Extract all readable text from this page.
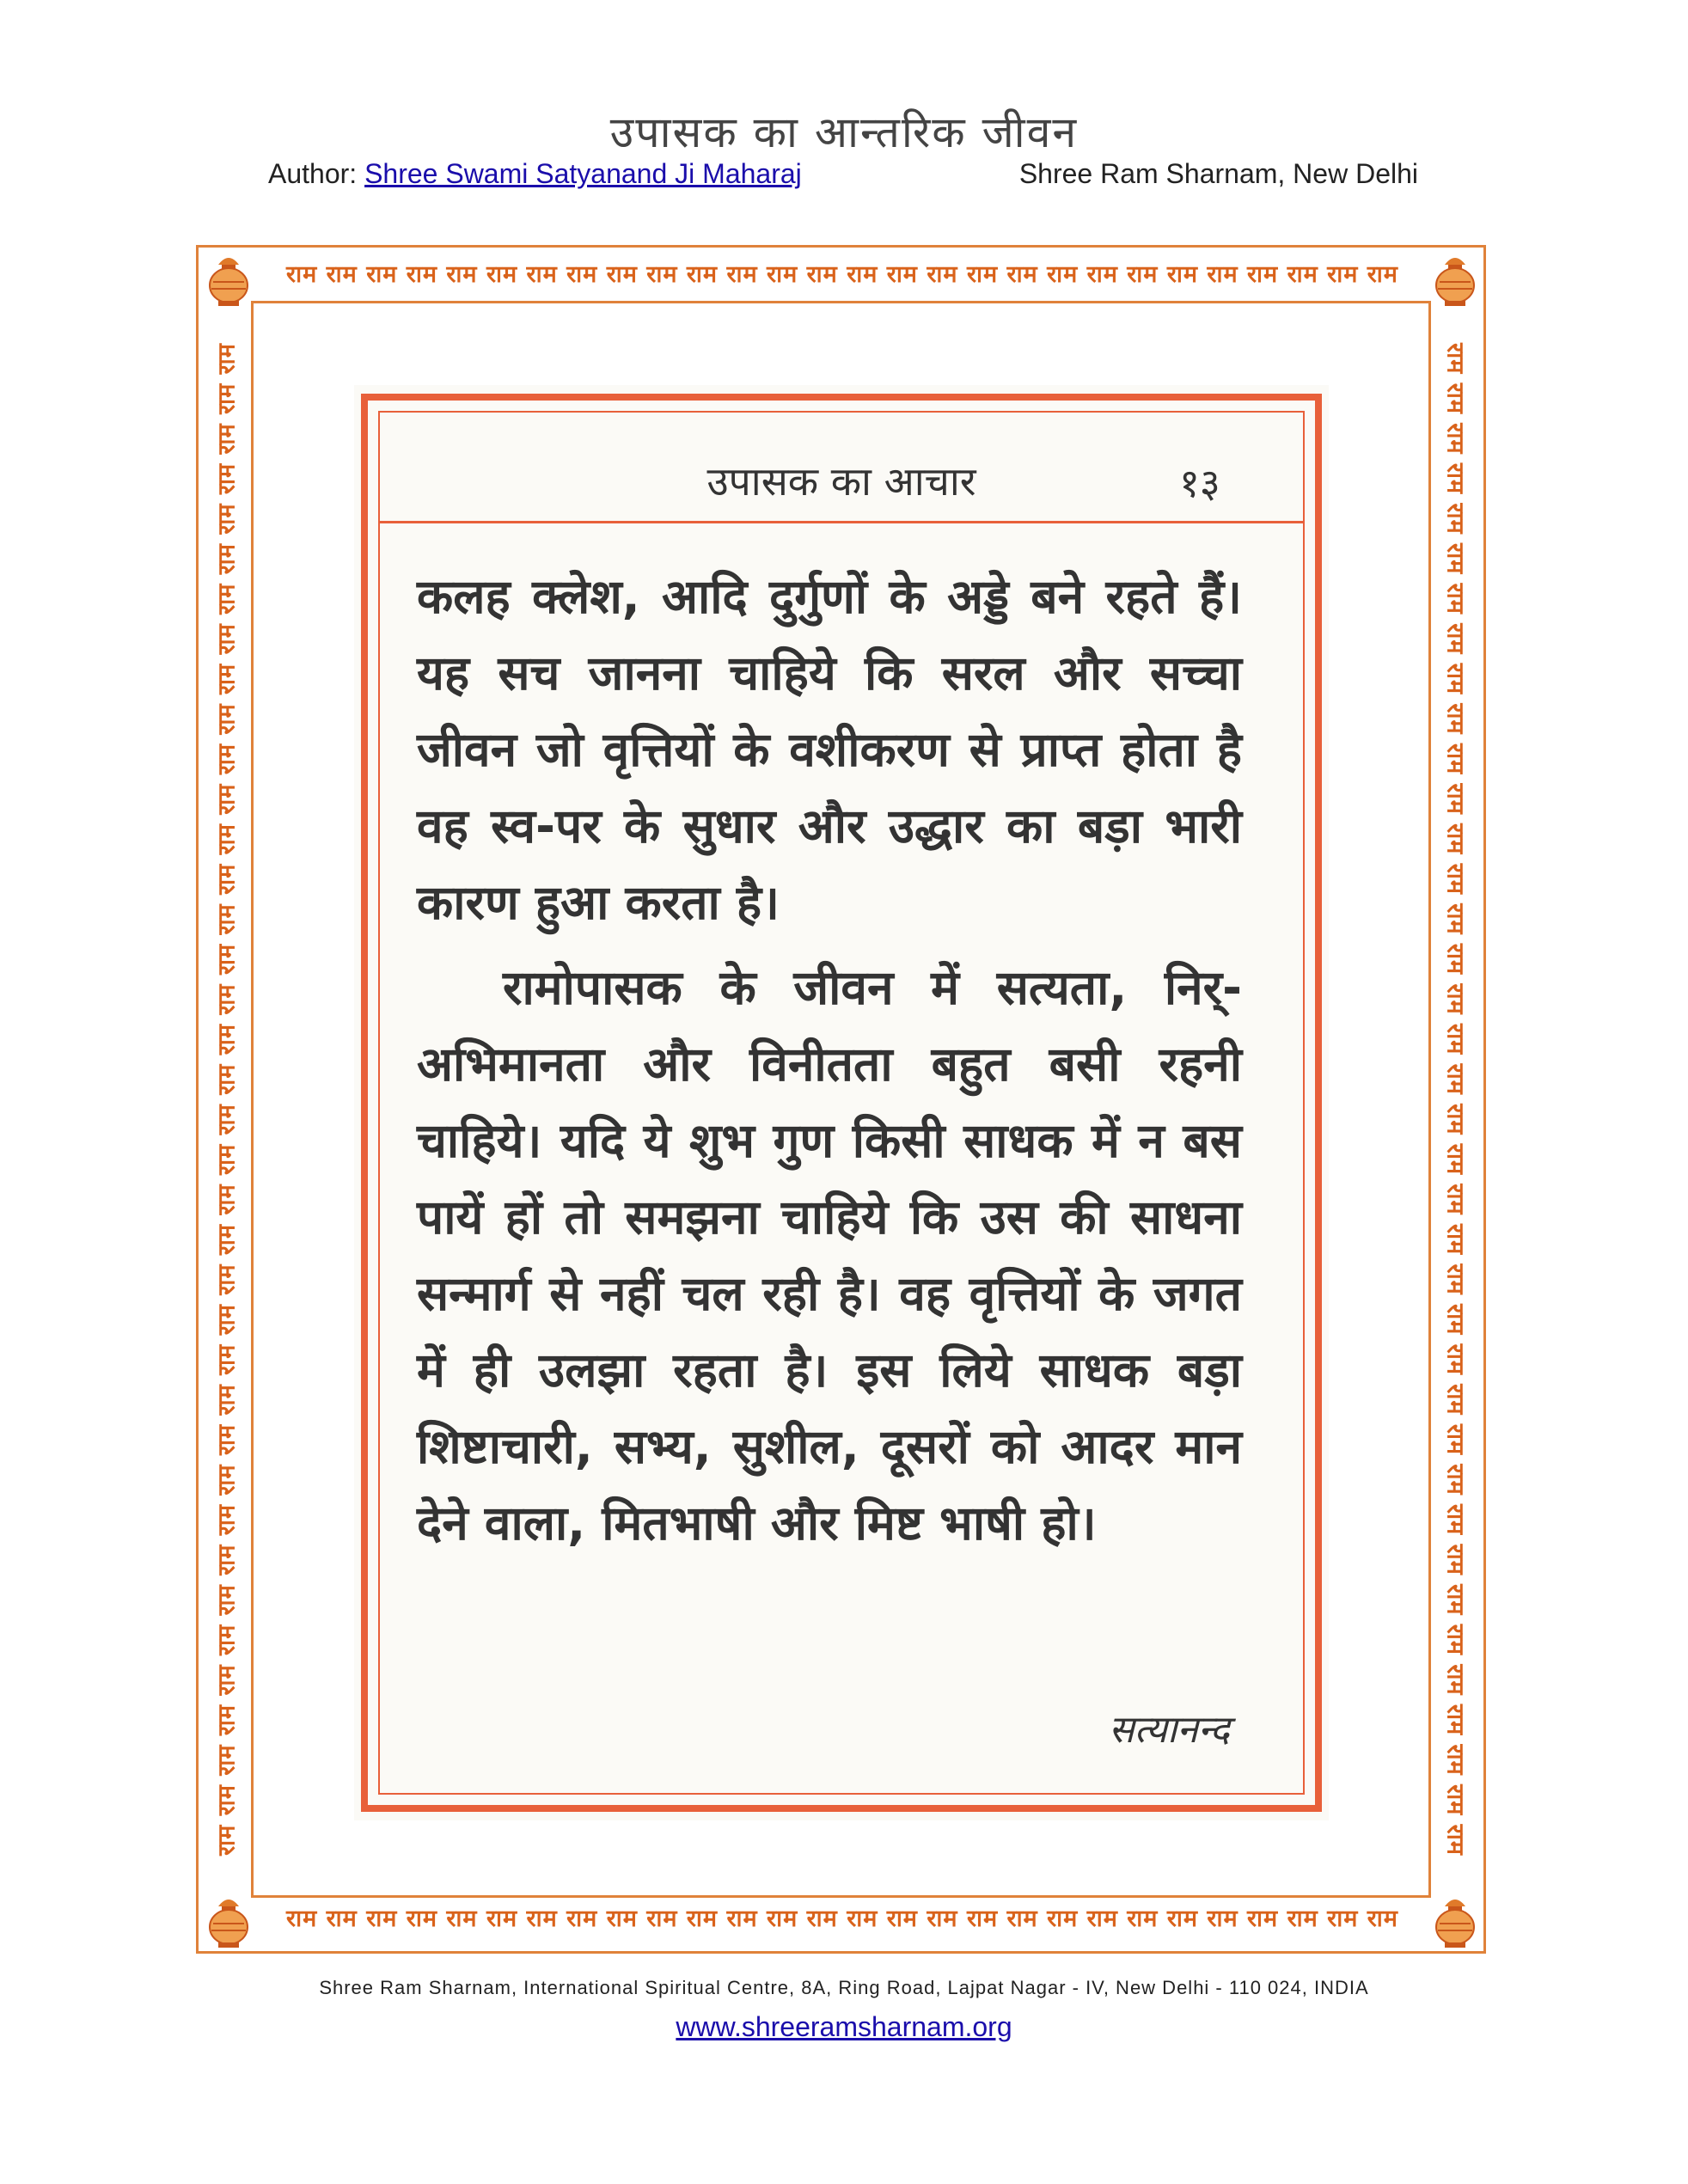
उपासक का आन्तरिक जीवन
Author: Shree Swami Satyanand Ji Maharaj	Shree Ram Sharnam, New Delhi
राम राम राम राम राम राम राम राम राम राम राम राम राम राम राम राम राम राम राम राम राम राम राम राम राम राम राम राम
राम राम राम राम राम राम राम राम राम राम राम राम राम राम राम राम राम राम राम राम राम राम राम राम राम राम राम राम
राम राम राम राम राम राम राम राम राम राम राम राम राम राम राम राम राम राम राम राम राम राम राम राम राम राम राम राम राम राम राम राम राम राम राम राम राम राम	राम राम राम राम राम राम राम राम राम राम राम राम राम राम राम राम राम राम राम राम राम राम राम राम राम राम राम राम राम राम राम राम राम राम राम राम राम राम
उपासक का आचार	१३

कलह क्लेश, आदि दुर्गुणों के अड्डे बने रहते हैं। यह सच जानना चाहिये कि सरल और सच्चा जीवन जो वृत्तियों के वशीकरण से प्राप्त होता है वह स्व-पर के सुधार और उद्धार का बड़ा भारी कारण हुआ करता है।

रामोपासक के जीवन में सत्यता, निर्-अभिमानता और विनीतता बहुत बसी रहनी चाहिये। यदि ये शुभ गुण किसी साधक में न बस पायें हों तो समझना चाहिये कि उस की साधना सन्मार्ग से नहीं चल रही है। वह वृत्तियों के जगत में ही उलझा रहता है। इस लिये साधक बड़ा शिष्टाचारी, सभ्य, सुशील, दूसरों को आदर मान देने वाला, मितभाषी और मिष्ट भाषी हो।

सत्यानन्द
Shree Ram Sharnam, International Spiritual Centre, 8A, Ring Road, Lajpat Nagar - IV, New Delhi - 110 024, INDIA
www.shreeramsharnam.org
